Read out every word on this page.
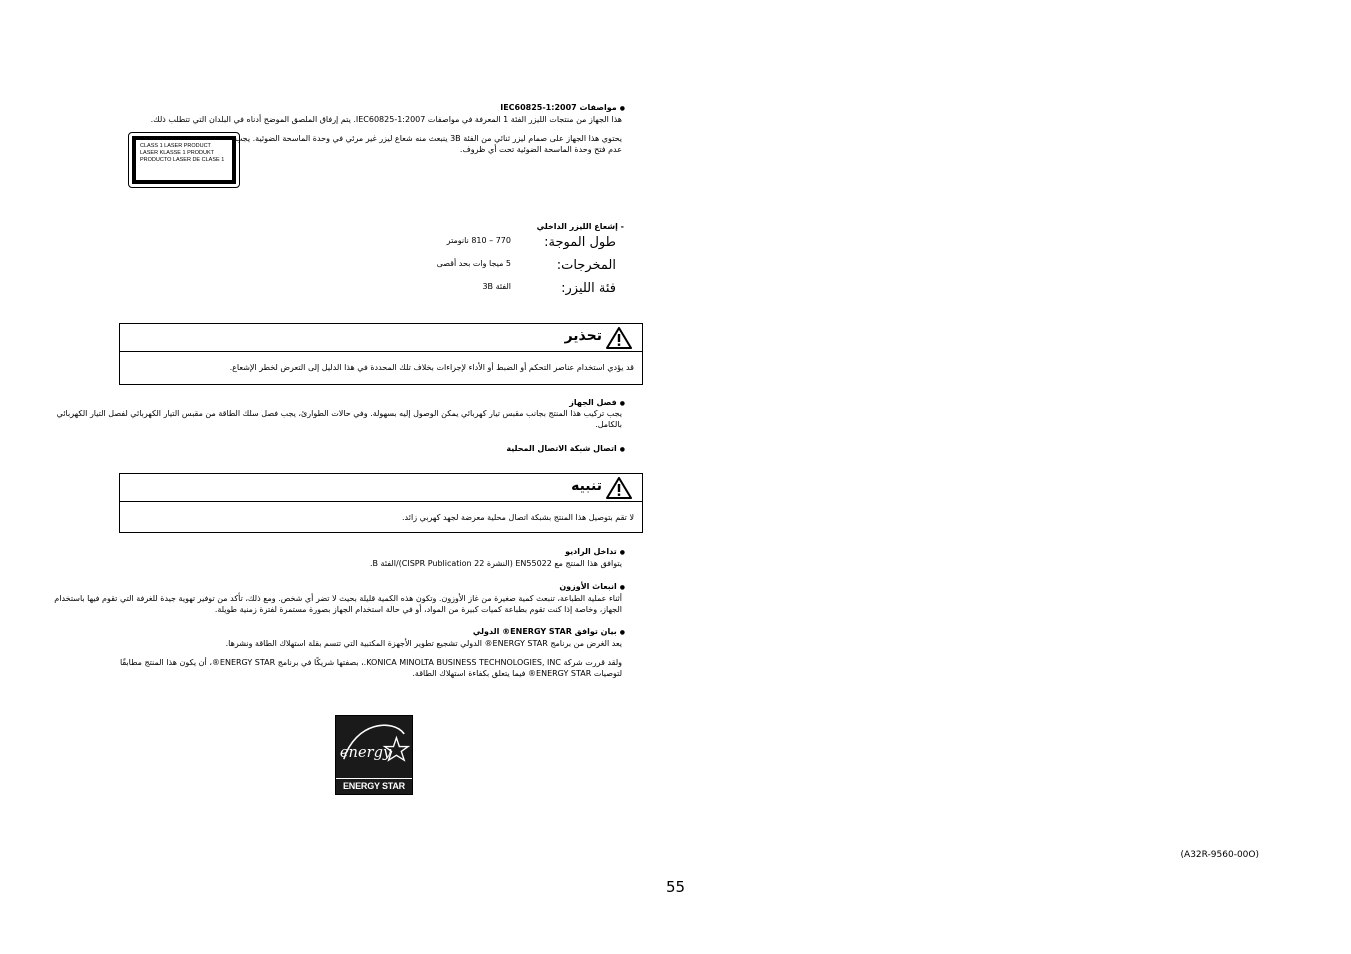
● مواصفات IEC60825-1:2007
هذا الجهاز من منتجات الليزر الفئة 1 المعرفة في مواصفات IEC60825-1:2007. يتم إرفاق الملصق الموضح أدناه في البلدان التي تتطلب ذلك.
يحتوي هذا الجهاز على صمام ليزر ثنائي من الفئة 3B ينبعث منه شعاع ليزر غير مرئي في وحدة الماسحة الضوئية. يجب
عدم فتح وحدة الماسحة الضوئية تحت أي ظروف.
CLASS 1 LASER PRODUCT
LASER KLASSE 1 PRODUKT
PRODUCTO LASER DE CLASE 1
- إشعاع الليزر الداخلي
طول الموجة:
770 – 810 نانومتر
المخرجات:
5 ميجا وات بحد أقصى
فئة الليزر:
الفئة 3B
تحذير
قد يؤدي استخدام عناصر التحكم أو الضبط أو الأداء لإجراءات بخلاف تلك المحددة في هذا الدليل إلى التعرض لخطر الإشعاع.
● فصل الجهاز
يجب تركيب هذا المنتج بجانب مقبس تيار كهربائي يمكن الوصول إليه بسهولة. وفي حالات الطوارئ، يجب فصل سلك الطاقة من مقبس التيار الكهربائي لفصل التيار الكهربائي
بالكامل.
● اتصال شبكة الاتصال المحلية
تنبيه
لا تقم بتوصيل هذا المنتج بشبكة اتصال محلية معرضة لجهد كهربي زائد.
● تداخل الراديو
يتوافق هذا المنتج مع EN55022 (النشرة CISPR Publication 22)/الفئة B.
● انبعاث الأوزون
أثناء عملية الطباعة، تنبعث كمية صغيرة من غاز الأوزون. وتكون هذه الكمية قليلة بحيث لا تضر أي شخص. ومع ذلك، تأكد من توفير تهوية جيدة للغرفة التي تقوم فيها باستخدام
الجهاز، وخاصة إذا كنت تقوم بطباعة كميات كبيرة من المواد، أو في حالة استخدام الجهاز بصورة مستمرة لفترة زمنية طويلة.
● بيان توافق ENERGY STAR® الدولي
يعد الغرض من برنامج ENERGY STAR® الدولي تشجيع تطوير الأجهزة المكتبية التي تتسم بقلة استهلاك الطاقة ونشرها.
ولقد قررت شركة KONICA MINOLTA BUSINESS TECHNOLOGIES, INC.، بصفتها شريكًا في برنامج ENERGY STAR®، أن يكون هذا المنتج مطابقًا
لتوصيات ENERGY STAR® فيما يتعلق بكفاءة استهلاك الطاقة.
energy
ENERGY STAR
(A32R-9560-00O)
55
